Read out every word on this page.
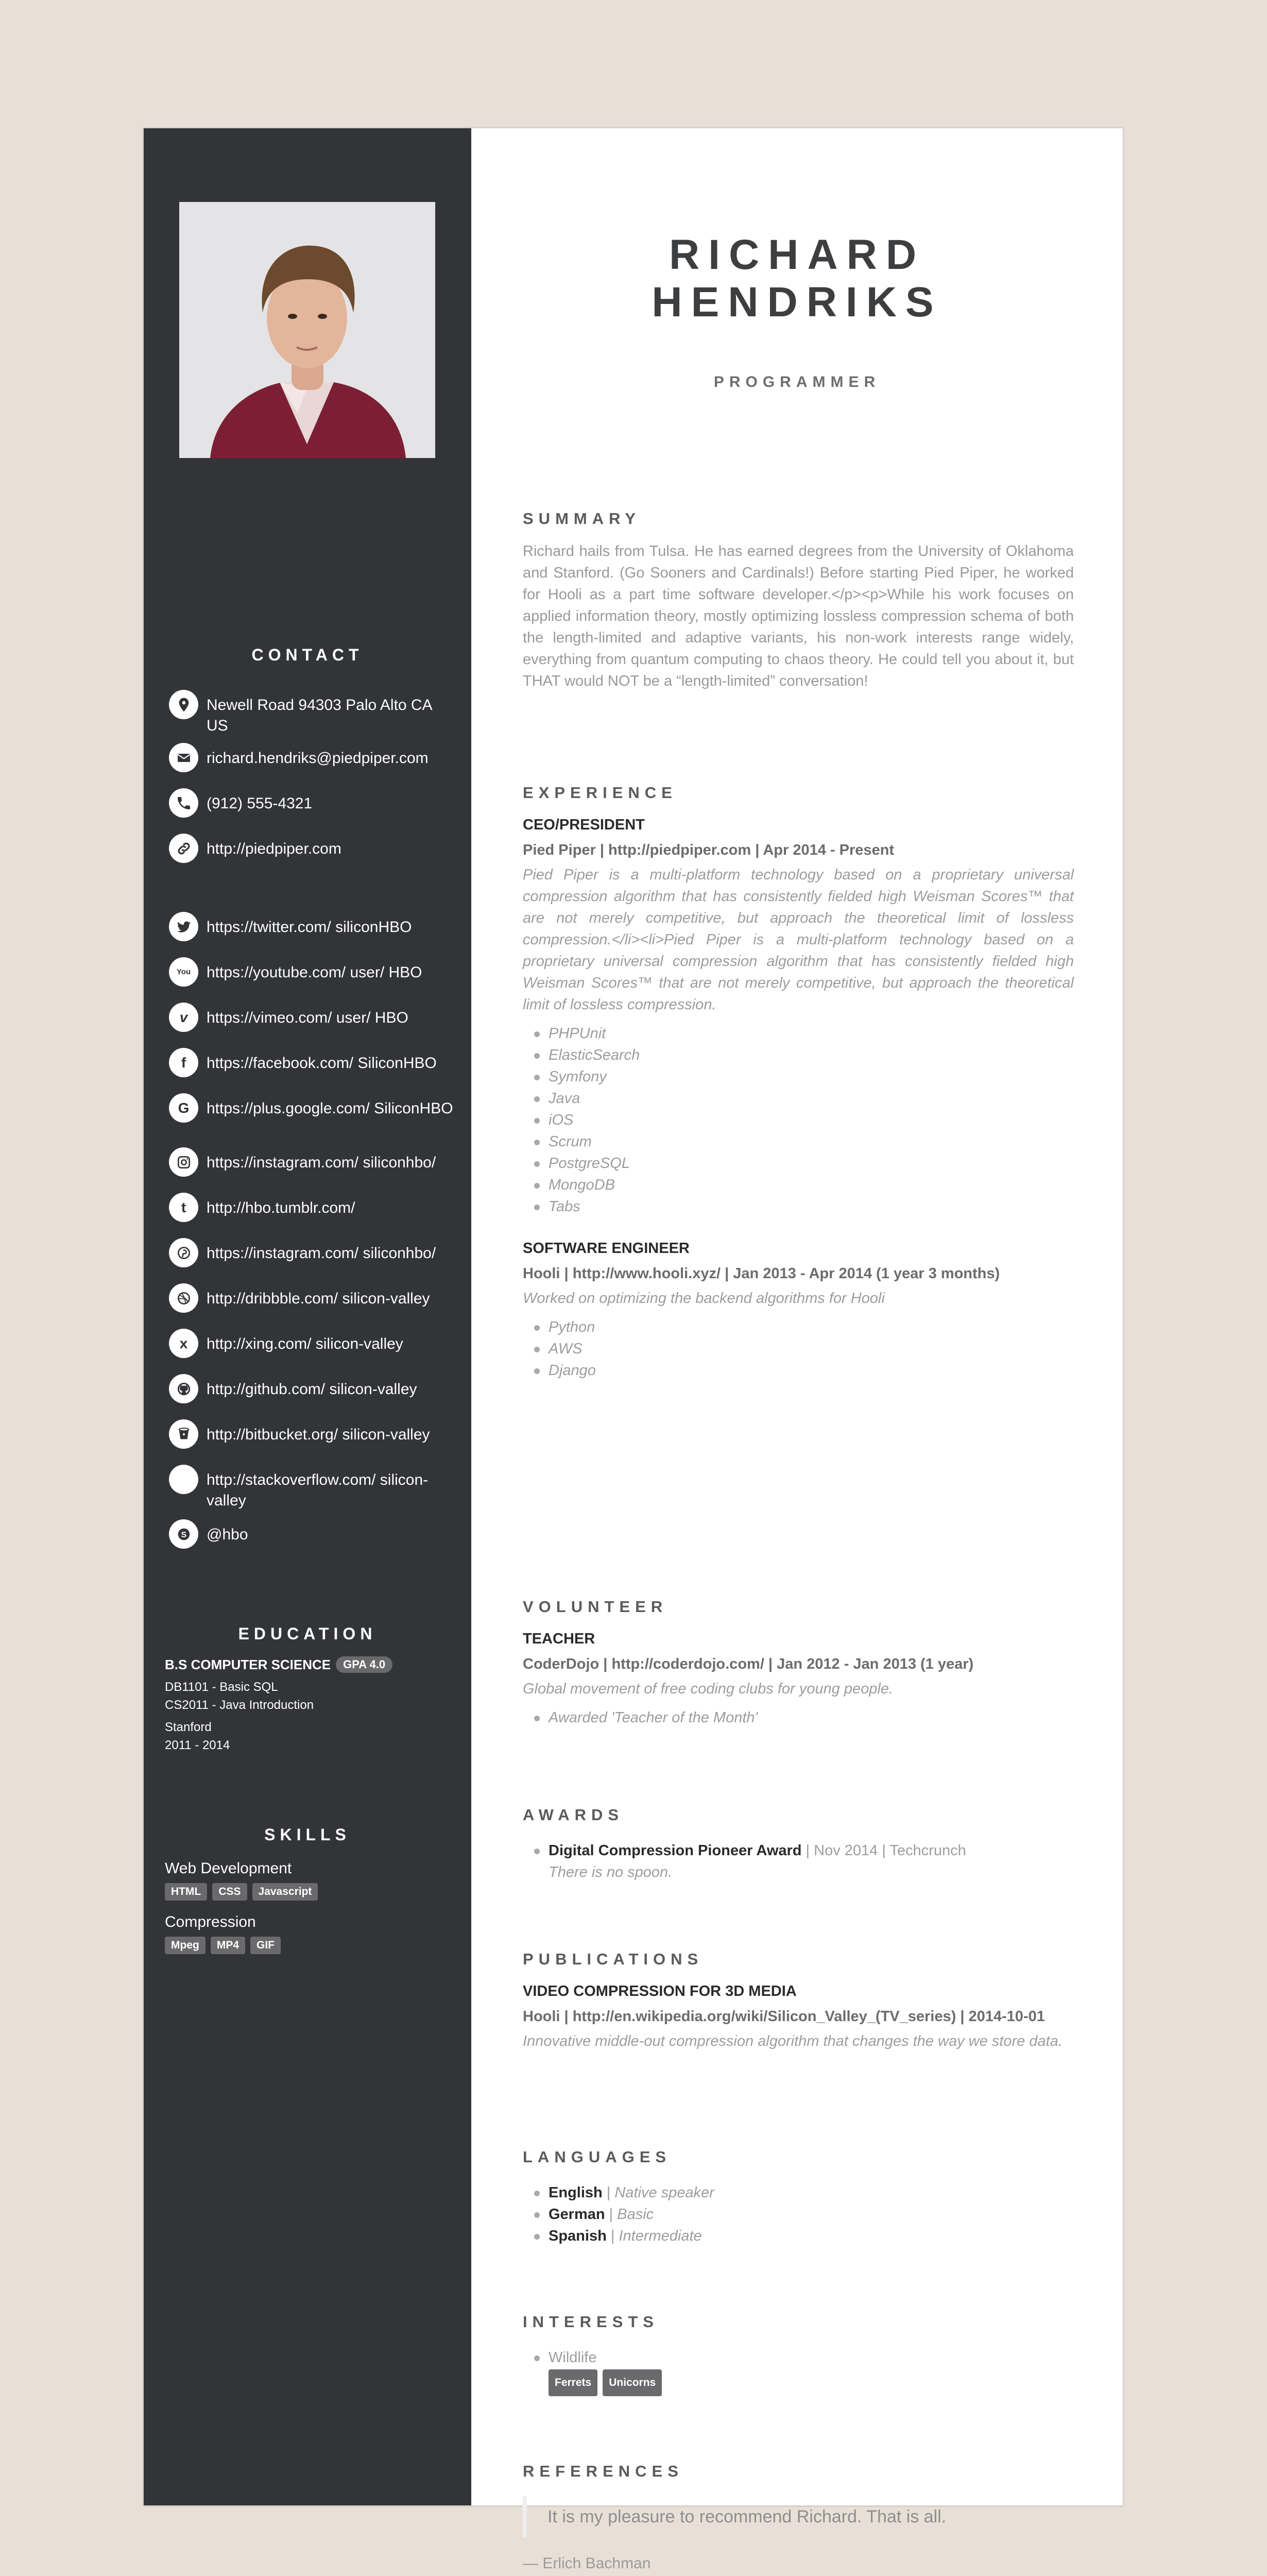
CONTACT
Newell Road 94303 Palo Alto CA US
richard.hendriks@piedpiper.com
(912) 555-4321
http://piedpiper.com
https://twitter.com/ siliconHBO
You	https://youtube.com/ user/ HBO
v	https://vimeo.com/ user/ HBO
f	https://facebook.com/ SiliconHBO
G	https://plus.google.com/ SiliconHBO
https://instagram.com/ siliconhbo/
t	http://hbo.tumblr.com/
https://instagram.com/ siliconhbo/
http://dribbble.com/ silicon-valley
x	http://xing.com/ silicon-valley
http://github.com/ silicon-valley
http://bitbucket.org/ silicon-valley
http://stackoverflow.com/ silicon-valley
S @hbo
EDUCATION
B.S COMPUTER SCIENCE	GPA 4.0
DB1101 - Basic SQL
CS2011 - Java Introduction
Stanford
2011 - 2014
SKILLS
Web Development
HTML	CSS	Javascript
Compression
Mpeg	MP4	GIF
RICHARD
HENDRIKS
PROGRAMMER
SUMMARY
Richard hails from Tulsa. He has earned degrees from the University of Oklahoma and Stanford. (Go Sooners and Cardinals!) Before starting Pied Piper, he worked for Hooli as a part time software developer.</p><p>While his work focuses on applied information theory, mostly optimizing lossless compression schema of both the length-limited and adaptive variants, his non-work interests range widely, everything from quantum computing to chaos theory. He could tell you about it, but THAT would NOT be a “length-limited” conversation!
EXPERIENCE
CEO/PRESIDENT
Pied Piper | http://piedpiper.com | Apr 2014 - Present
Pied Piper is a multi-platform technology based on a proprietary universal compression algorithm that has consistently fielded high Weisman Scores™ that are not merely competitive, but approach the theoretical limit of lossless compression.</li><li>Pied Piper is a multi-platform technology based on a proprietary universal compression algorithm that has consistently fielded high Weisman Scores™ that are not merely competitive, but approach the theoretical limit of lossless compression.
PHPUnit
ElasticSearch
Symfony
Java
iOS
Scrum
PostgreSQL
MongoDB
Tabs
SOFTWARE ENGINEER
Hooli | http://www.hooli.xyz/ | Jan 2013 - Apr 2014 (1 year 3 months)
Worked on optimizing the backend algorithms for Hooli
Python
AWS
Django
VOLUNTEER
TEACHER
CoderDojo | http://coderdojo.com/ | Jan 2012 - Jan 2013 (1 year)
Global movement of free coding clubs for young people.
Awarded 'Teacher of the Month'
AWARDS
Digital Compression Pioneer Award | Nov 2014 | Techcrunch
There is no spoon.
PUBLICATIONS
VIDEO COMPRESSION FOR 3D MEDIA
Hooli | http://en.wikipedia.org/wiki/Silicon_Valley_(TV_series) | 2014-10-01
Innovative middle-out compression algorithm that changes the way we store data.
LANGUAGES
English | Native speaker
German | Basic
Spanish | Intermediate
INTERESTS
Wildlife
Ferrets	Unicorns
REFERENCES
It is my pleasure to recommend Richard. That is all.
— Erlich Bachman
